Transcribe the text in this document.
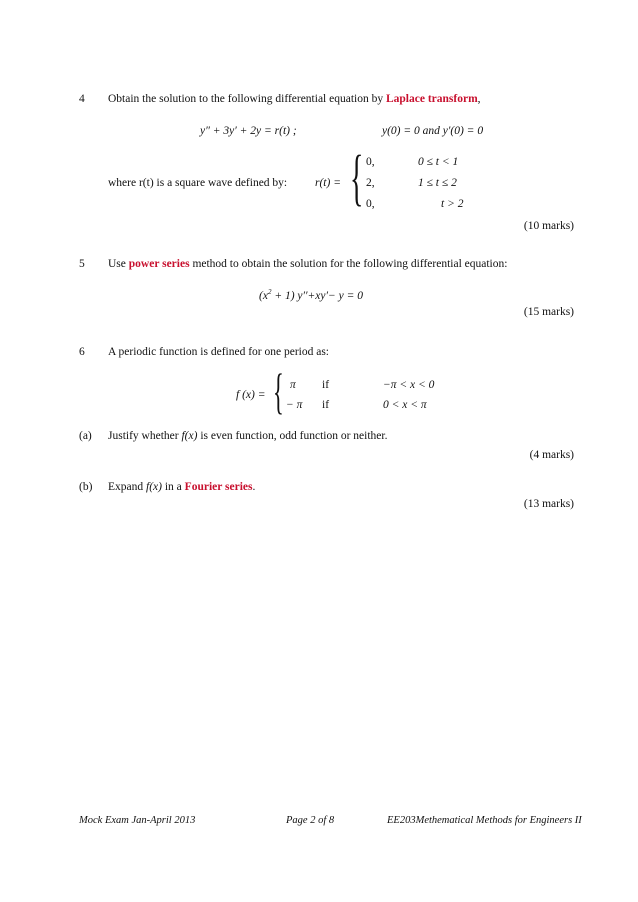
4 Obtain the solution to the following differential equation by Laplace transform,
y″ + 3y′ + 2y = r(t) ;	y(0) = 0 and y′(0) = 0
where r(t) is a square wave defined by: r(t) = { 0,	0 ≤ t < 1
2,	1 ≤ t ≤ 2
0,	t > 2
(10 marks)
5 Use power series method to obtain the solution for the following differential equation:
$(x^2 + 1)$ y′′+xy′− y = 0
(15 marks)
6 A periodic function is defined for one period as:
f (x) = { π if	−π < x < 0
− π if	0 < x < π
(a) Justify whether f(x) is even function, odd function or neither.
(4 marks)
(b) Expand f(x) in a Fourier series.
(13 marks)
Mock Exam Jan-April 2013	Page 2 of 8	EE203Methematical Methods for Engineers II
